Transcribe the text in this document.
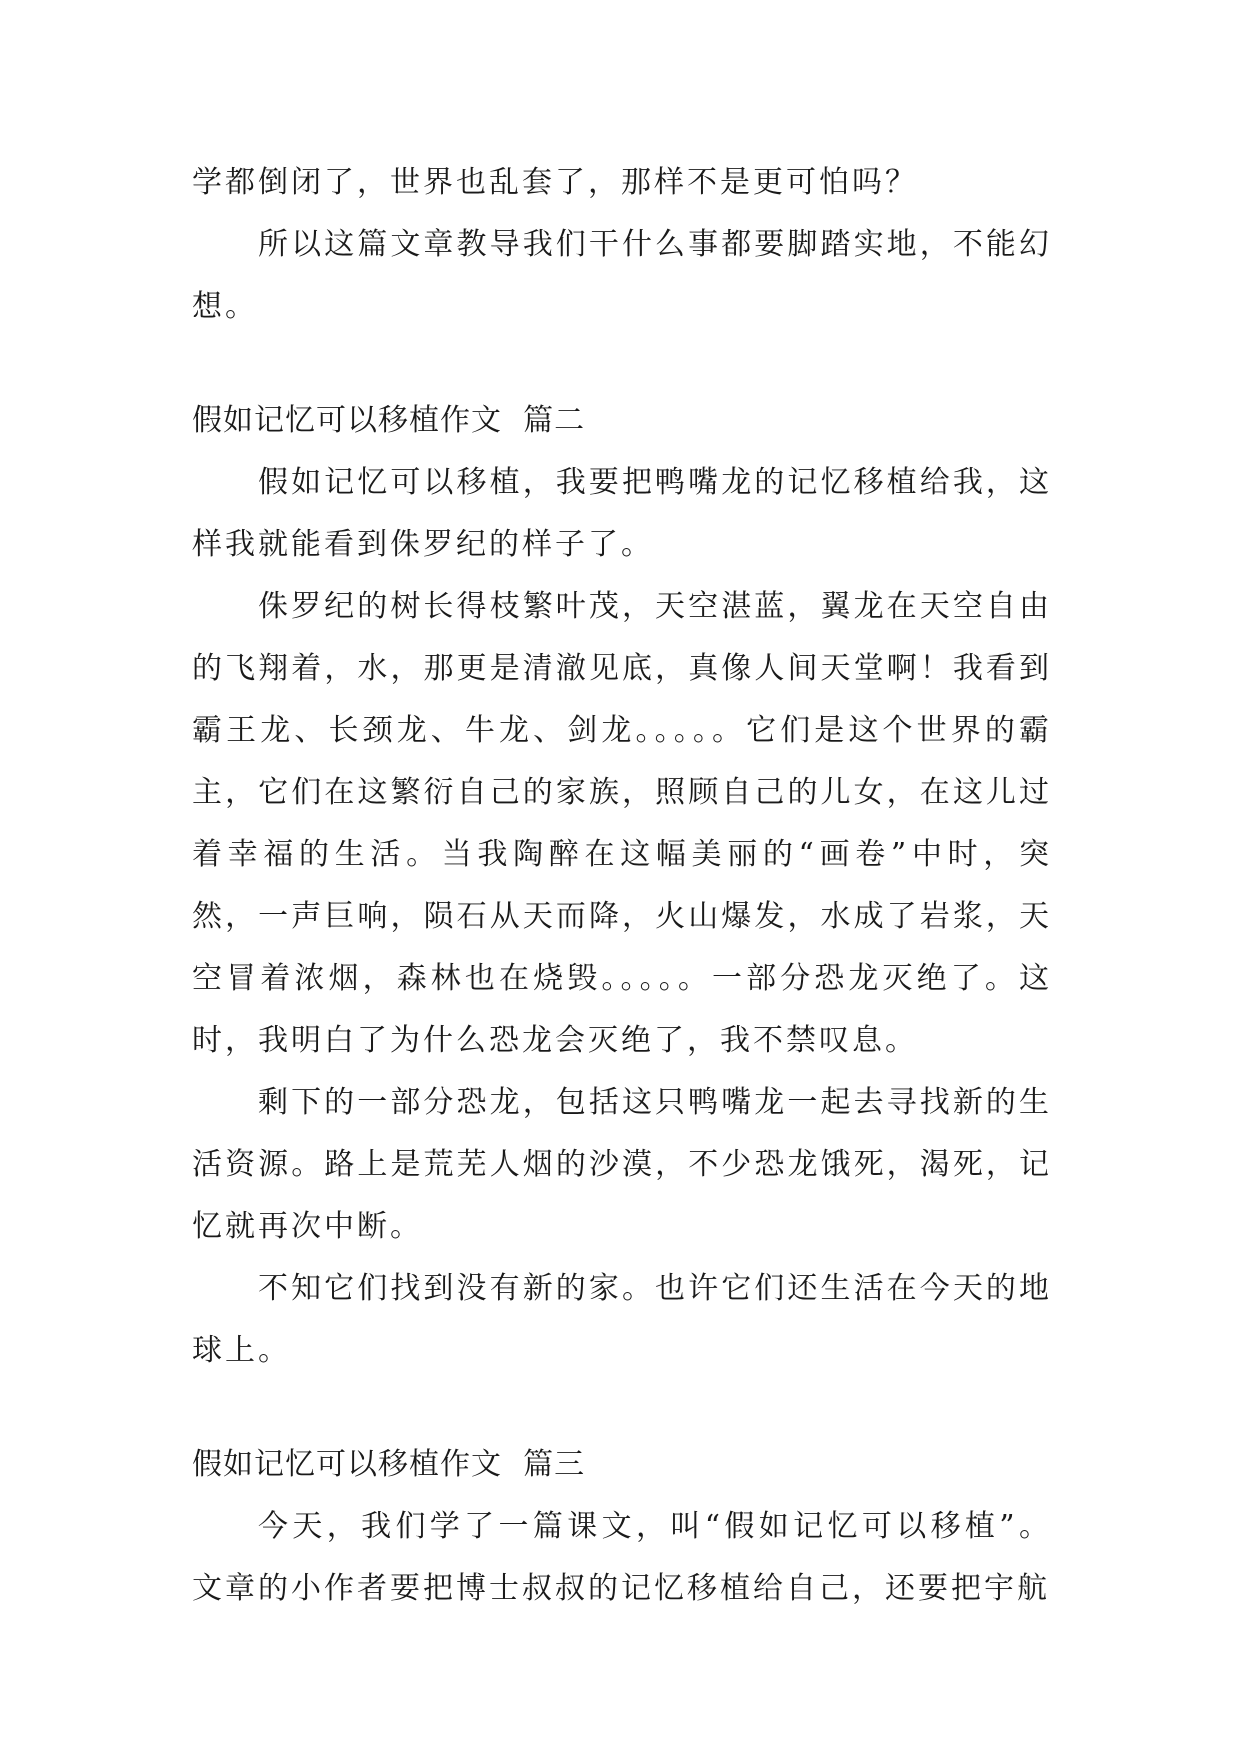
学都倒闭了，世界也乱套了，那样不是更可怕吗？

所以这篇文章教导我们干什么事都要脚踏实地，不能幻想。

假如记忆可以移植作文  篇二

假如记忆可以移植，我要把鸭嘴龙的记忆移植给我，这样我就能看到侏罗纪的样子了。

侏罗纪的树长得枝繁叶茂，天空湛蓝，翼龙在天空自由的飞翔着，水，那更是清澈见底，真像人间天堂啊！我看到霸王龙、长颈龙、牛龙、剑龙。。。。。它们是这个世界的霸主，它们在这繁衍自己的家族，照顾自己的儿女，在这儿过着幸福的生活。当我陶醉在这幅美丽的“画卷”中时，突然，一声巨响，陨石从天而降，火山爆发，水成了岩浆，天空冒着浓烟，森林也在烧毁。。。。。一部分恐龙灭绝了。这时，我明白了为什么恐龙会灭绝了，我不禁叹息。

剩下的一部分恐龙，包括这只鸭嘴龙一起去寻找新的生活资源。路上是荒芜人烟的沙漠，不少恐龙饿死，渴死，记忆就再次中断。

不知它们找到没有新的家。也许它们还生活在今天的地球上。

假如记忆可以移植作文  篇三

今天，我们学了一篇课文，叫“假如记忆可以移植”。文章的小作者要把博士叔叔的记忆移植给自己，还要把宇航
